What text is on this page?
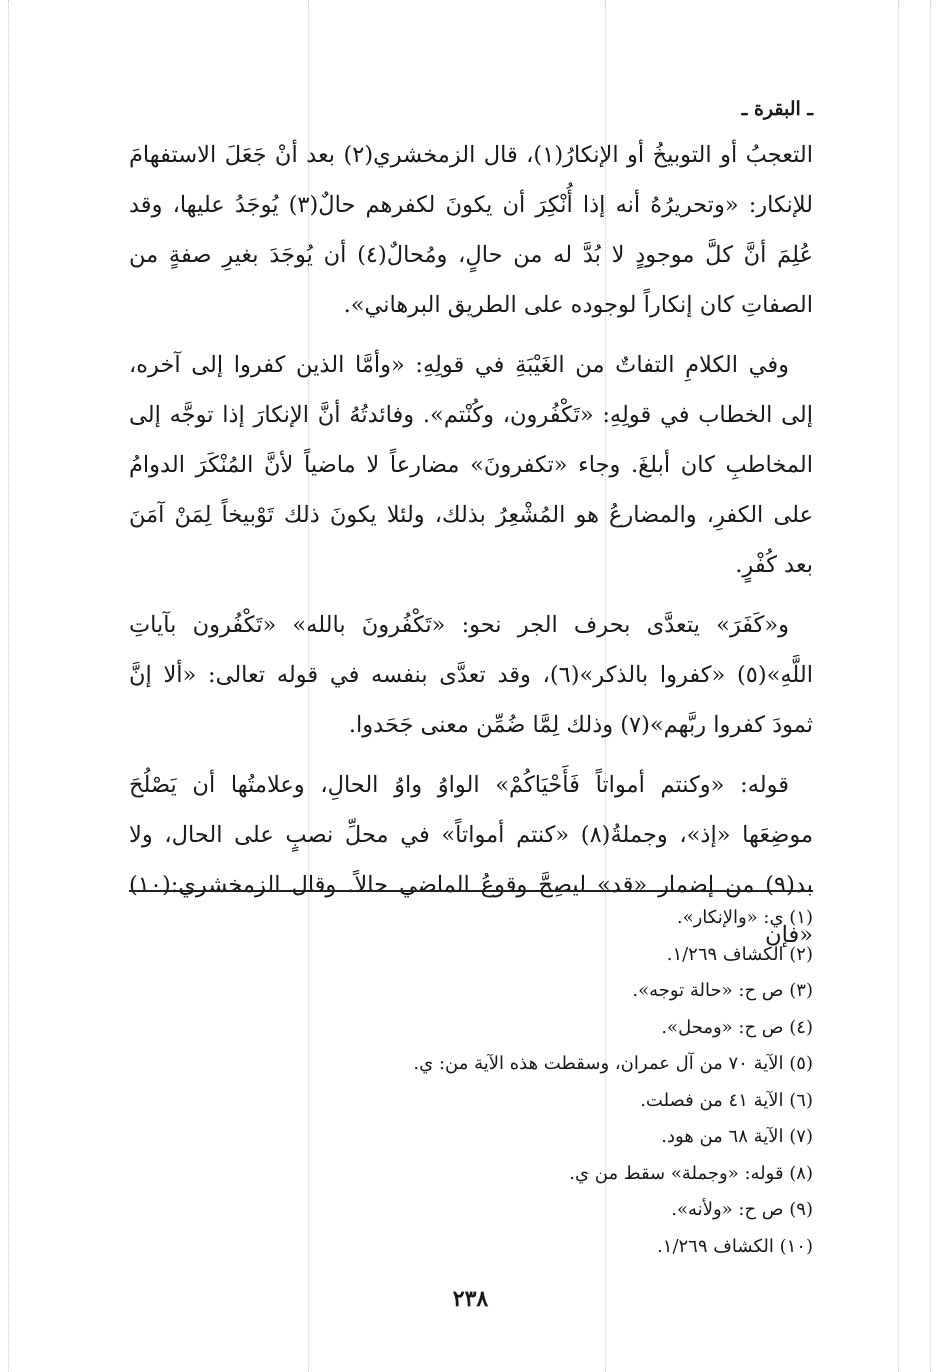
ـ البقرة ـ

التعجبُ أو التوبيخُ أو الإنكارُ(١)، قال الزمخشري(٢) بعد أنْ جَعَلَ الاستفهامَ للإنكار: «وتحريرُهُ أنه إذا أُنْكِرَ أن يكونَ لكفرهم حالٌ(٣) يُوجَدُ عليها، وقد عُلِمَ أنَّ كلَّ موجودٍ لا بُدَّ له من حالٍ، ومُحالٌ(٤) أن يُوجَدَ بغيرِ صفةٍ من الصفاتِ كان إنكاراً لوجوده على الطريق البرهاني».

وفي الكلامِ التفاتٌ من الغَيْبَةِ في قولِهِ: «وأمَّا الذين كفروا إلى آخره، إلى الخطاب في قولِهِ: «تَكْفُرون، وكُنْتم». وفائدتُهُ أنَّ الإنكارَ إذا توجَّه إلى المخاطبِ كان أبلغَ. وجاء «تكفرونَ» مضارعاً لا ماضياً لأنَّ المُنْكَرَ الدوامُ على الكفرِ، والمضارعُ هو المُشْعِرُ بذلك، ولئلا يكونَ ذلك تَوْبيخاً لِمَنْ آمَنَ بعد كُفْرٍ.

و«كَفَرَ» يتعدَّى بحرف الجر نحو: «تَكْفُرونَ بالله» «تَكْفُرون بآياتِ اللَّهِ»(٥) «كفروا بالذكر»(٦)، وقد تعدَّى بنفسه في قوله تعالى: «ألا إنَّ ثمودَ كفروا ربَّهم»(٧) وذلك لِمَّا ضُمِّن معنى جَحَدوا.

قوله: «وكنتم أمواتاً فَأَحْيَاكُمْ» الواوُ واوُ الحالِ، وعلامتُها أن يَصْلُحَ موضِعَها «إذ»، وجملةُ(٨) «كنتم أمواتاً» في محلِّ نصبٍ على الحال، ولا بد(٩) من إضمار «قد» ليصِحَّ وقوعُ الماضي حالاً. وقال الزمخشري:(١٠) «فإن

(١) ي: «والإنكار».
(٢) الكشاف ١/٢٦٩.
(٣) ص ح: «حالة توجه».
(٤) ص ح: «ومحل».
(٥) الآية ٧٠ من آل عمران، وسقطت هذه الآية من: ي.
(٦) الآية ٤١ من فصلت.
(٧) الآية ٦٨ من هود.
(٨) قوله: «وجملة» سقط من ي.
(٩) ص ح: «ولأنه».
(١٠) الكشاف ١/٢٦٩.
٢٣٨
